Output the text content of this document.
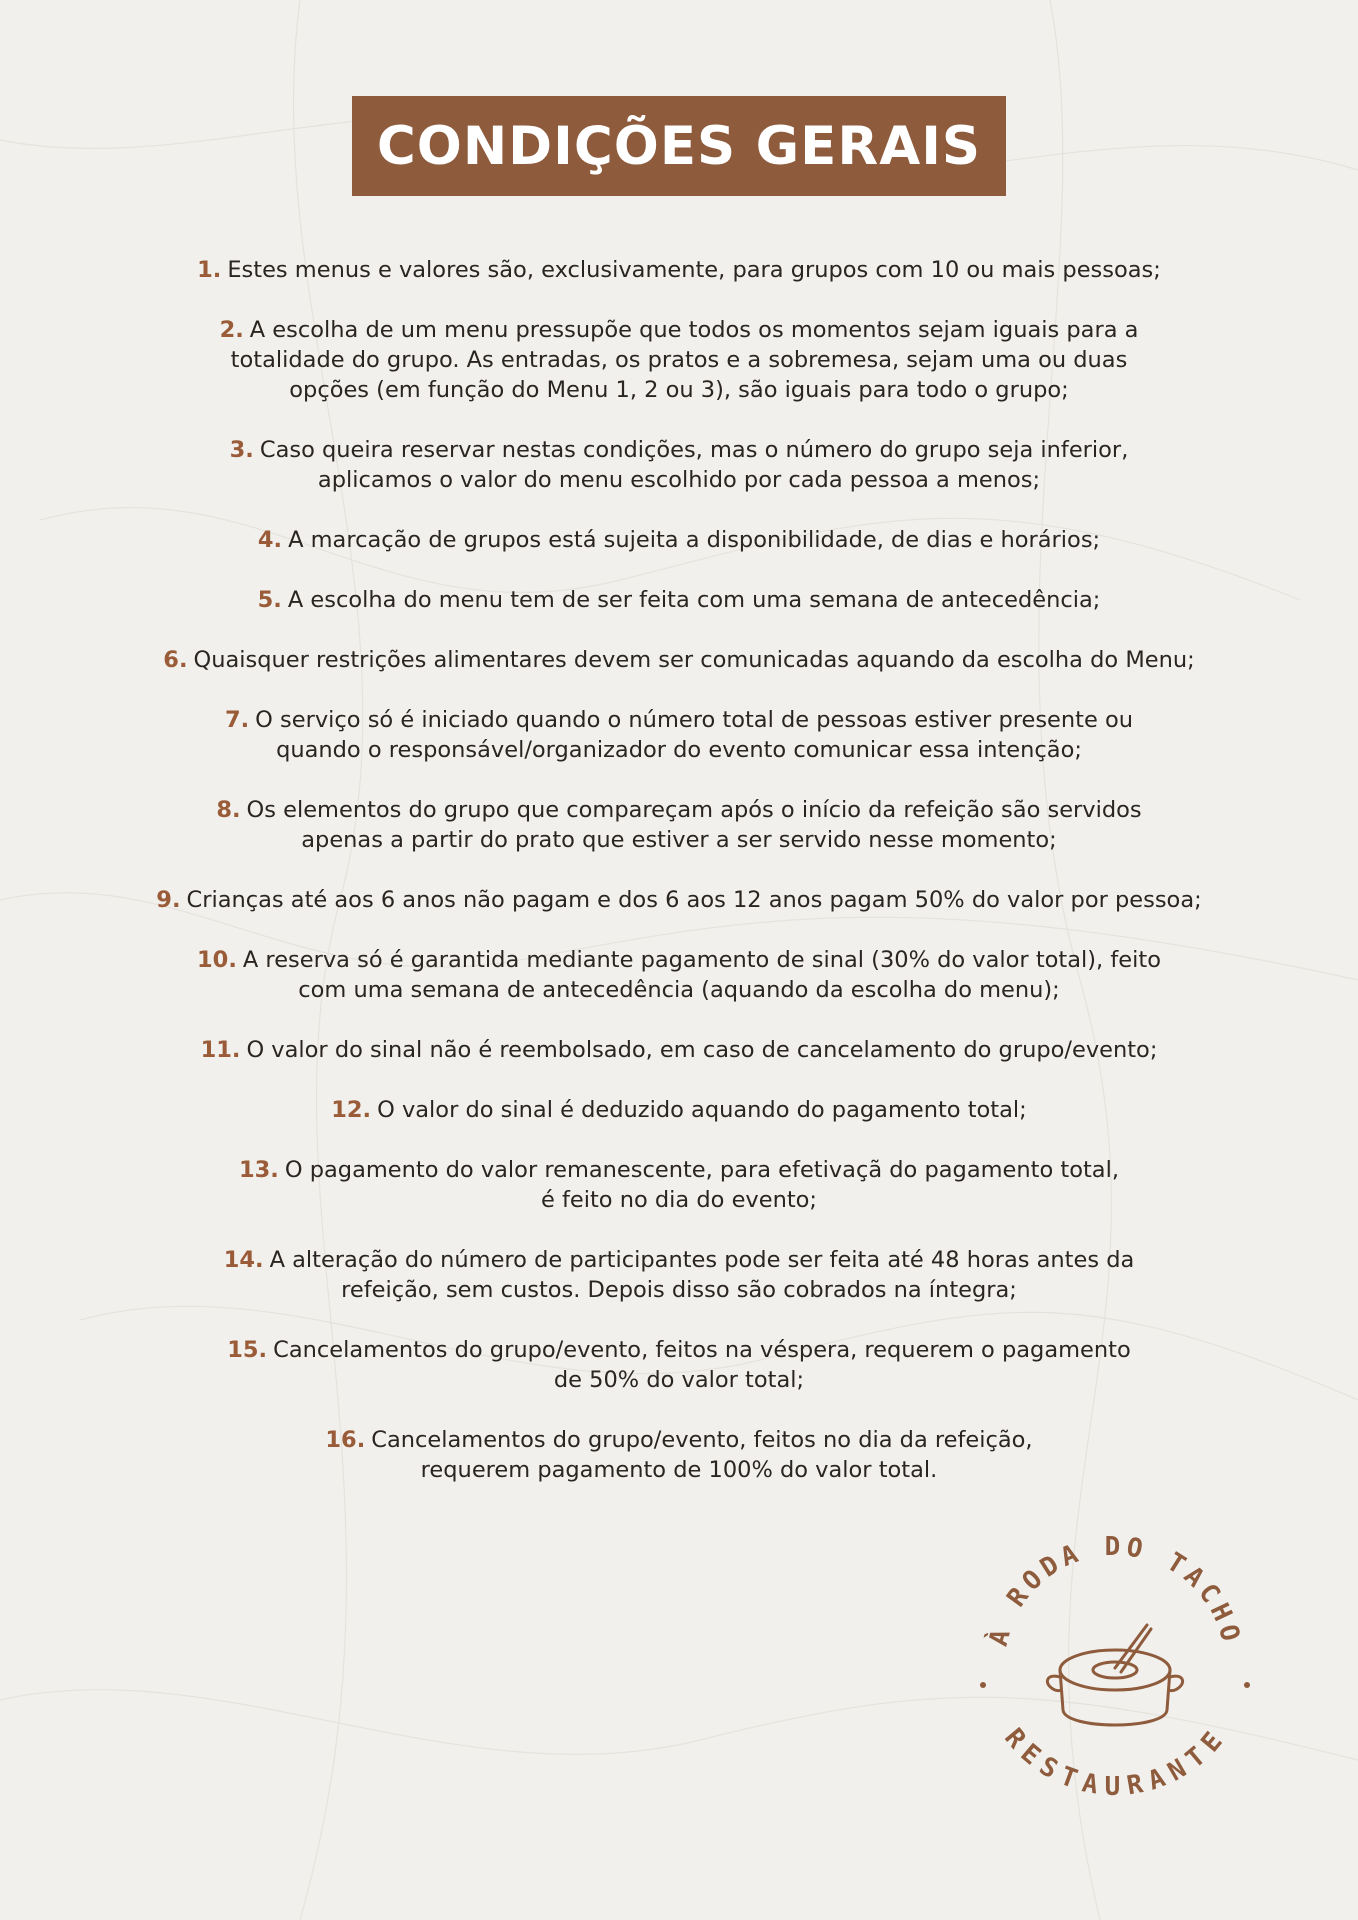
CONDIÇÕES GERAIS
1. Estes menus e valores são, exclusivamente, para grupos com 10 ou mais pessoas;
2. A escolha de um menu pressupõe que todos os momentos sejam iguais para a
totalidade do grupo. As entradas, os pratos e a sobremesa, sejam uma ou duas
opções (em função do Menu 1, 2 ou 3), são iguais para todo o grupo;
3. Caso queira reservar nestas condições, mas o número do grupo seja inferior,
aplicamos o valor do menu escolhido por cada pessoa a menos;
4. A marcação de grupos está sujeita a disponibilidade, de dias e horários;
5. A escolha do menu tem de ser feita com uma semana de antecedência;
6. Quaisquer restrições alimentares devem ser comunicadas aquando da escolha do Menu;
7. O serviço só é iniciado quando o número total de pessoas estiver presente ou
quando o responsável/organizador do evento comunicar essa intenção;
8. Os elementos do grupo que compareçam após o início da refeição são servidos
apenas a partir do prato que estiver a ser servido nesse momento;
9. Crianças até aos 6 anos não pagam e dos 6 aos 12 anos pagam 50% do valor por pessoa;
10. A reserva só é garantida mediante pagamento de sinal (30% do valor total), feito
com uma semana de antecedência (aquando da escolha do menu);
11. O valor do sinal não é reembolsado, em caso de cancelamento do grupo/evento;
12. O valor do sinal é deduzido aquando do pagamento total;
13. O pagamento do valor remanescente, para efetivaçã do pagamento total,
é feito no dia do evento;
14. A alteração do número de participantes pode ser feita até 48 horas antes da
refeição, sem custos. Depois disso são cobrados na íntegra;
15. Cancelamentos do grupo/evento, feitos na véspera, requerem o pagamento
de 50% do valor total;
16. Cancelamentos do grupo/evento, feitos no dia da refeição,
requerem pagamento de 100% do valor total.
À RODA DO TACHO
RESTAURANTE
